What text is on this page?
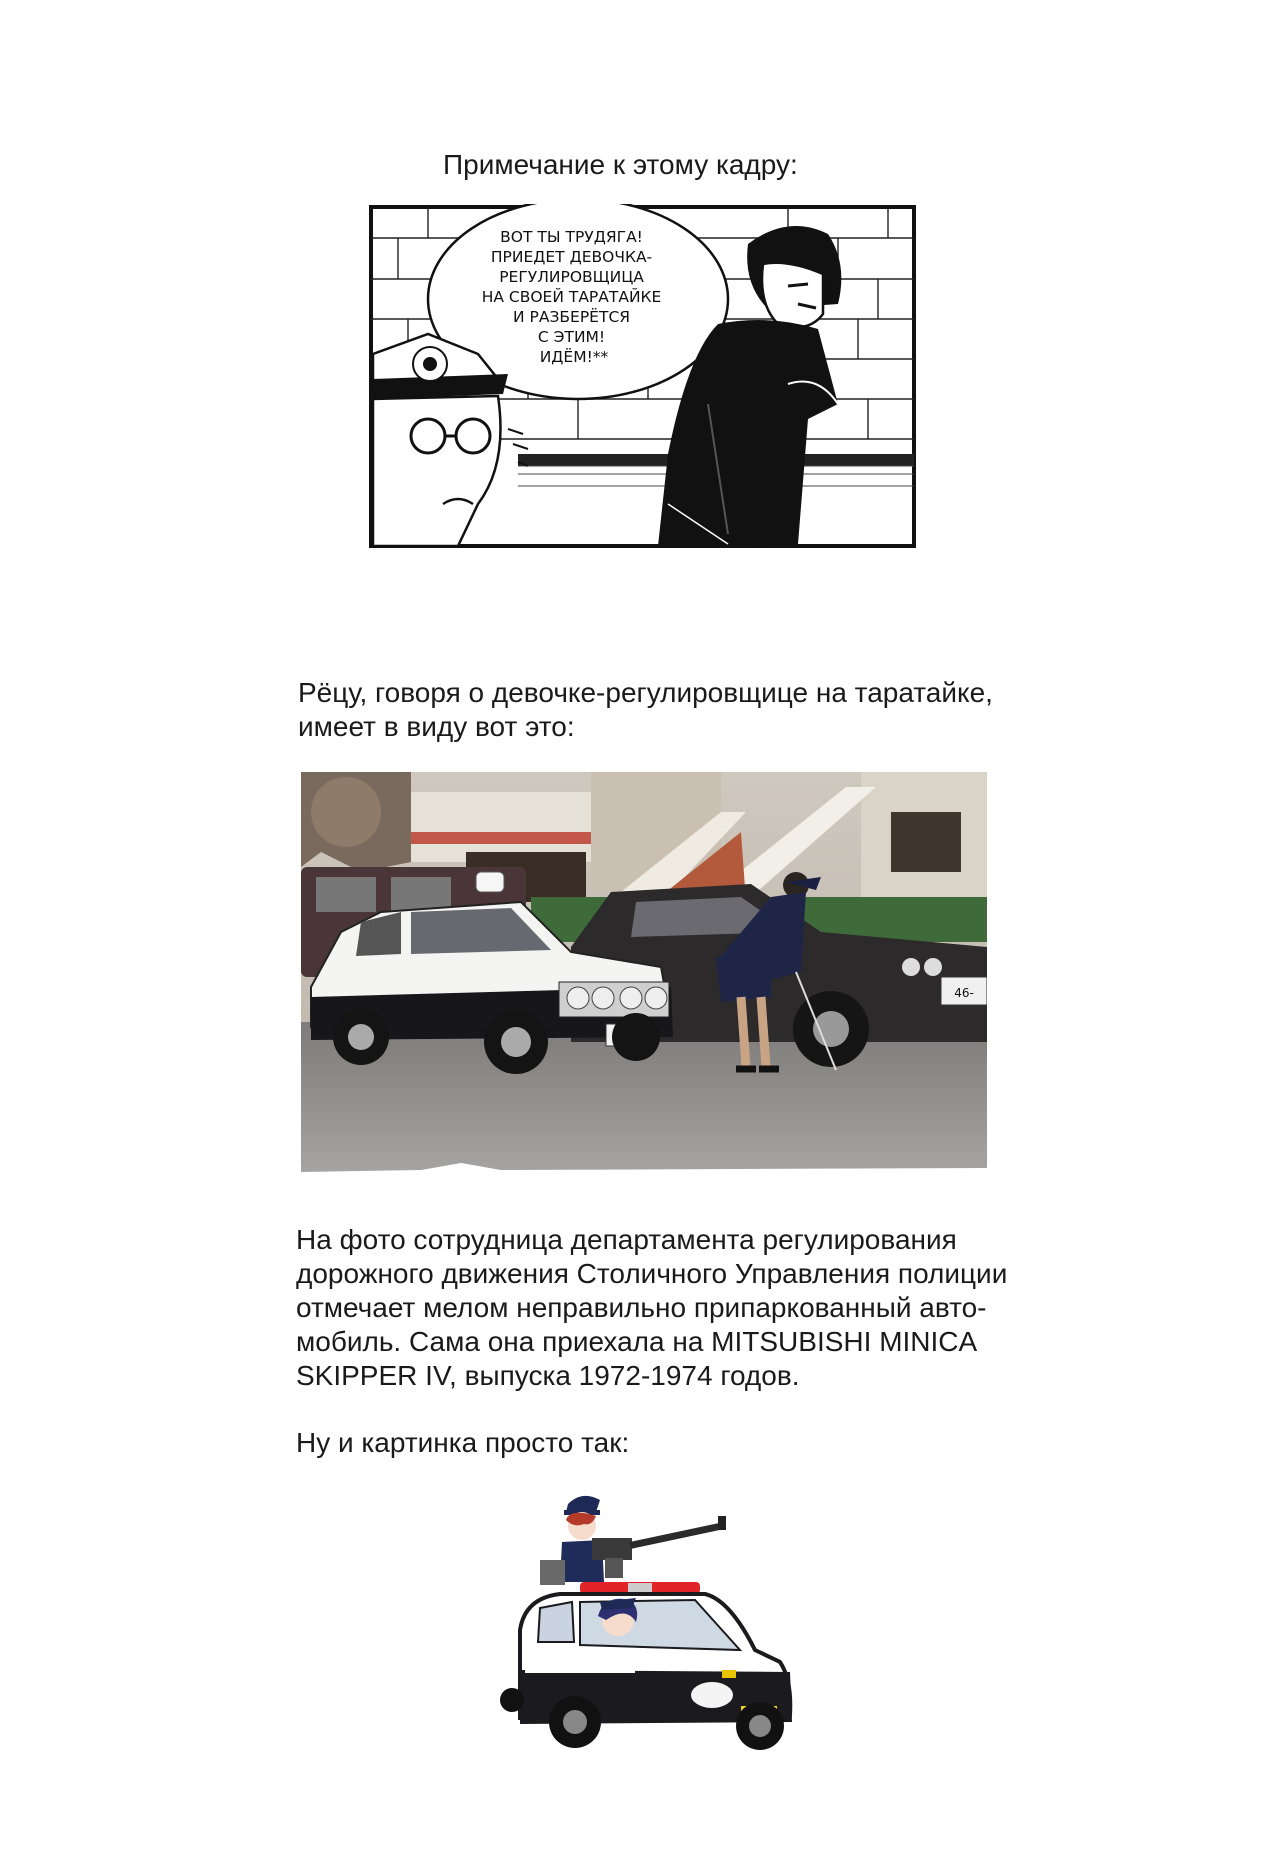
Примечание к этому кадру:

ВОТ ТЫ ТРУДЯГА! ПРИЕДЕТ ДЕВОЧКА- РЕГУЛИРОВЩИЦА НА СВОЕЙ ТАРАТАЙКЕ И РАЗБЕРЁТСЯ С ЭТИМ! ИДЁМ!**

Рёцу, говоря о девочке-регулировщице на таратайке,

имеет в виду вот это:

46-

На фото сотрудница департамента регулирования

дорожного движения Столичного Управления полиции

отмечает мелом неправильно припаркованный авто-

мобиль. Сама она приехала на MITSUBISHI MINICA

SKIPPER IV, выпуска 1972-1974 годов.

Ну и картинка просто так:
